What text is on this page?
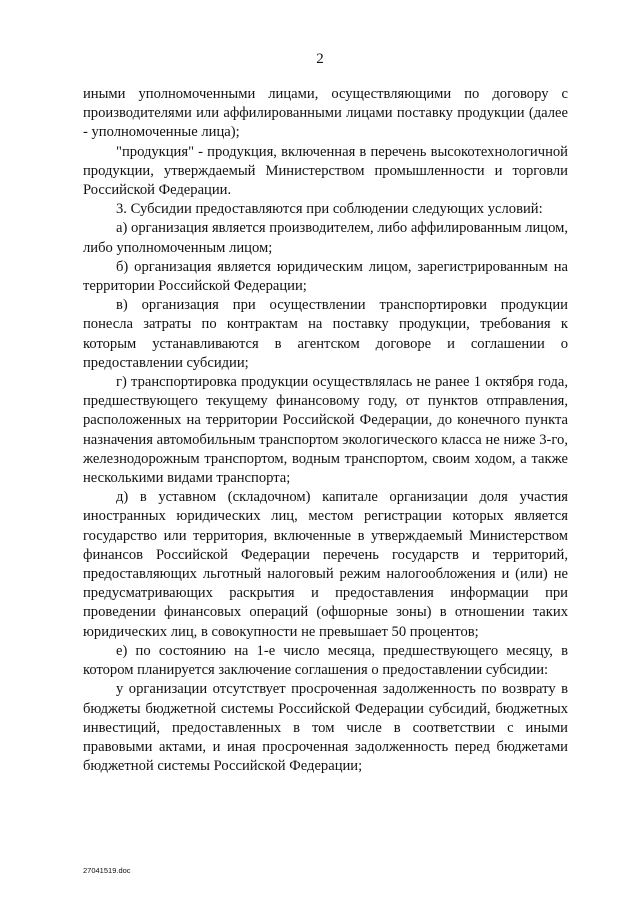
2

иными уполномоченными лицами, осуществляющими по договору с производителями или аффилированными лицами поставку продукции (далее - уполномоченные лица);

"продукция" - продукция, включенная в перечень высокотехнологичной продукции, утверждаемый Министерством промышленности и торговли Российской Федерации.

3. Субсидии предоставляются при соблюдении следующих условий:

а) организация является производителем, либо аффилированным лицом, либо уполномоченным лицом;

б) организация является юридическим лицом, зарегистрированным на территории Российской Федерации;

в) организация при осуществлении транспортировки продукции понесла затраты по контрактам на поставку продукции, требования к которым устанавливаются в агентском договоре и соглашении о предоставлении субсидии;

г) транспортировка продукции осуществлялась не ранее 1 октября года, предшествующего текущему финансовому году, от пунктов отправления, расположенных на территории Российской Федерации, до конечного пункта назначения автомобильным транспортом экологического класса не ниже 3-го, железнодорожным транспортом, водным транспортом, своим ходом, а также несколькими видами транспорта;

д) в уставном (складочном) капитале организации доля участия иностранных юридических лиц, местом регистрации которых является государство или территория, включенные в утверждаемый Министерством финансов Российской Федерации перечень государств и территорий, предоставляющих льготный налоговый режим налогообложения и (или) не предусматривающих раскрытия и предоставления информации при проведении финансовых операций (офшорные зоны) в отношении таких юридических лиц, в совокупности не превышает 50 процентов;

е) по состоянию на 1-е число месяца, предшествующего месяцу, в котором планируется заключение соглашения о предоставлении субсидии:

у организации отсутствует просроченная задолженность по возврату в бюджеты бюджетной системы Российской Федерации субсидий, бюджетных инвестиций, предоставленных в том числе в соответствии с иными правовыми актами, и иная просроченная задолженность перед бюджетами бюджетной системы Российской Федерации;

27041519.doc
